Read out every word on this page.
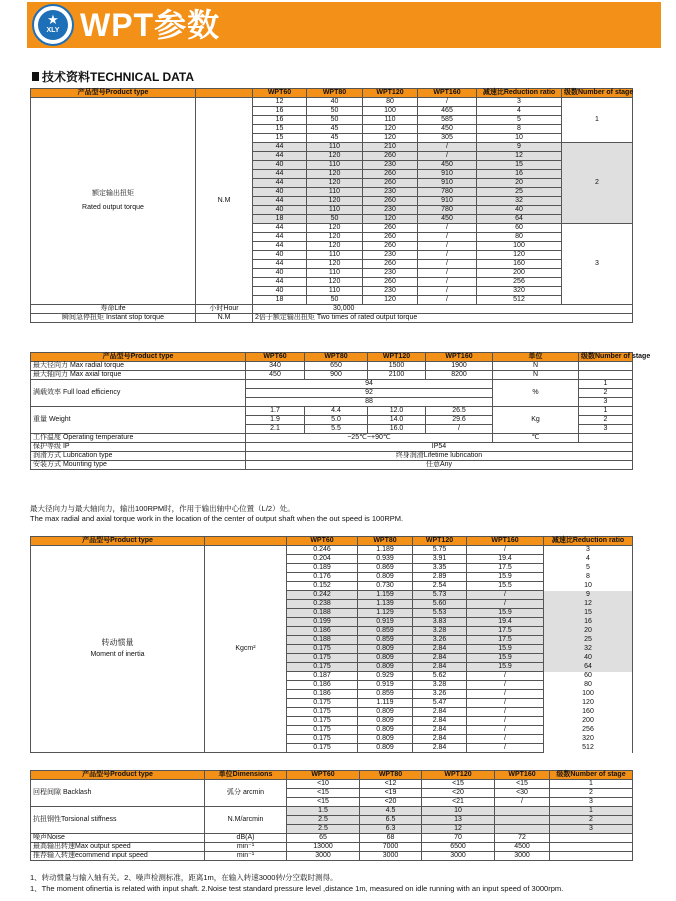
★
XLY WPT参数
技术资料TECHNICAL DATA
产品型号Product type		WPT60	WPT80	WPT120	WPT160	减速比Reduction ratio	级数Number of stage

额定输出扭矩
Rated output torque	N.M	12	40	80	/	3	1
		16	50	100	465	4	
		16	50	110	585	5	
		15	45	120	450	8	
		15	45	120	305	10	
		44	110	210	/	9	2
		44	120	260	/	12	
		40	110	230	450	15	
		44	120	260	910	16	
		44	120	260	910	20	
		40	110	230	780	25	
		44	120	260	910	32	
		40	110	230	780	40	
		18	50	120	450	64	
		44	120	260	/	60	3
		44	120	260	/	80	
		44	120	260	/	100	
		40	110	230	/	120	
		44	120	260	/	160	
		40	110	230	/	200	
		44	120	260	/	256	
		40	110	230	/	320	
		18	50	120	/	512	
寿命Life	小时Hour	30,000					
瞬间急停扭矩 Instant stop torque	N.M	2倍于额定输出扭矩 Two times of rated output torque					
产品型号Product type	WPT60	WPT80	WPT120	WPT160	单位	级数Number of stage
最大径向力 Max radial torque	340	650	1500	1900	N	
最大轴向力 Max axial torque	450	900	2100	8200	N	
满载效率 Full load efficiency	94				%	1
	92					2
	88					3
重量 Weight	1.7	4.4	12.0	26.5	Kg	1
	1.9	5.0	14.0	29.6		2
	2.1	5.5	16.0	/		3
工作温度 Operating temperature	−25℃~+90℃				℃	
保护等级 IP	IP54					
润滑方式 Lubrication type	终身润滑Lifetime lubrication					
安装方式 Mounting type	任意Any					
最大径向力与最大轴向力，输出100RPM时，作用于输出轴中心位置（L/2）处。
The max radial and axial torque work in the location of the center of output shaft when the out speed is 100RPM.
产品型号Product type		WPT60	WPT80	WPT120	WPT160	减速比Reduction ratio

转动惯量
Moment of inertia	Kgcm²	0.246	1.189	5.75	/	3
		0.204	0.939	3.91	19.4	4
		0.189	0.869	3.35	17.5	5
		0.176	0.809	2.89	15.9	8
		0.152	0.730	2.54	15.5	10
		0.242	1.159	5.73	/	9
		0.238	1.139	5.60	/	12
		0.188	1.129	5.53	15.9	15
		0.199	0.919	3.83	19.4	16
		0.186	0.859	3.28	17.5	20
		0.188	0.859	3.26	17.5	25
		0.175	0.809	2.84	15.9	32
		0.175	0.809	2.84	15.9	40
		0.175	0.809	2.84	15.9	64
		0.187	0.929	5.62	/	60
		0.186	0.919	3.28	/	80
		0.186	0.859	3.26	/	100
		0.175	1.119	5.47	/	120
		0.175	0.809	2.84	/	160
		0.175	0.809	2.84	/	200
		0.175	0.809	2.84	/	256
		0.175	0.809	2.84	/	320
		0.175	0.809	2.84	/	512
产品型号Product type	单位Dimensions	WPT60	WPT80	WPT120	WPT160	级数Number of stage
回程间隙 Backlash	弧分 arcmin	<10	<12	<15	<15	1
		<15	<19	<20	<30	2
		<15	<20	<21	/	3
抗扭钢性Torsional stiffness	N.M/arcmin	1.5	4.5	10		1
		2.5	6.5	13		2
		2.5	6.3	12		3
噪声Noise	dB(A)	65	68	70	72	
最高输出转速Max output speed	min⁻¹	13000	7000	6500	4500	
推荐输入转速ecommend input speed	min⁻¹	3000	3000	3000	3000	
1、转动惯量与输入轴有关。2、噪声检测标准，距离1m，在输入转速3000转/分空载时测得。
1、The moment ofinertia is related with input shaft. 2.Noise test standard pressure level ,distance 1m, measured on idle running with an input speed of 3000rpm.
